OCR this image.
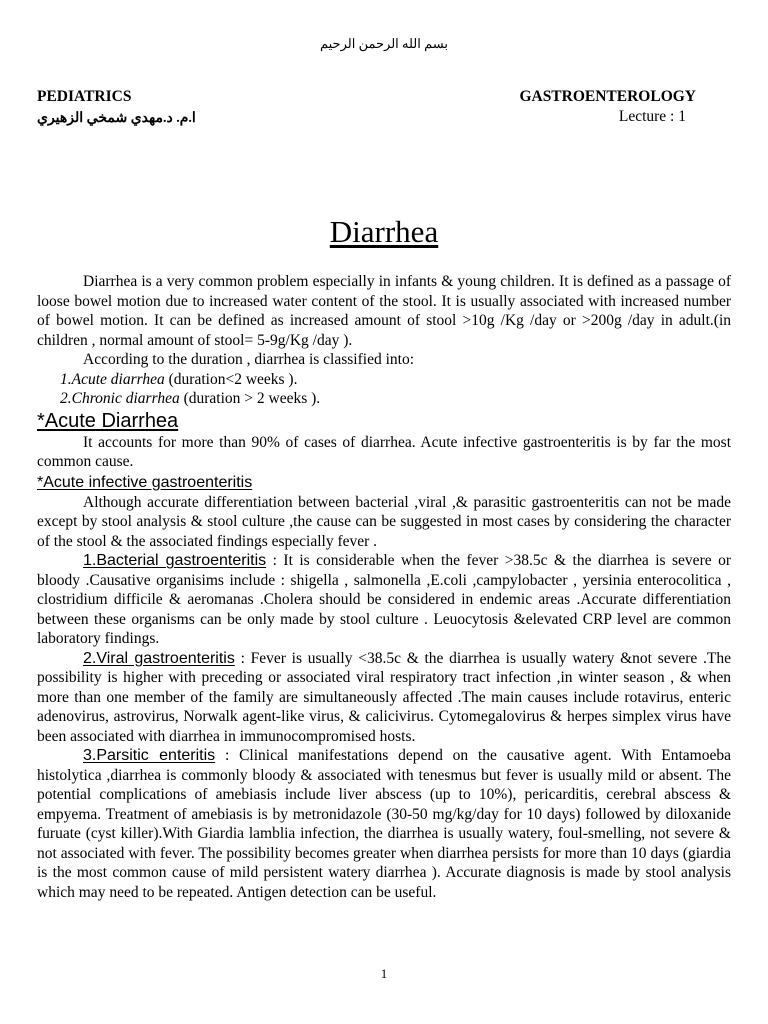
بسم الله الرحمن الرحيم
PEDIATRICS	GASTROENTEROLOGY
ا.م. د.مهدي شمخي الزهيري	Lecture : 1
Diarrhea

Diarrhea is a very common problem especially in infants & young children. It is defined as a passage of loose bowel motion due to increased water content of the stool. It is usually associated with increased number of bowel motion. It can be defined as increased amount of stool >10g /Kg /day or >200g /day in adult.(in children , normal amount of stool= 5-9g/Kg /day ).

According to the duration , diarrhea is classified into:

1.Acute diarrhea (duration<2 weeks ).

2.Chronic diarrhea (duration > 2 weeks ).

*Acute Diarrhea

It accounts for more than 90% of cases of diarrhea. Acute infective gastroenteritis is by far the most common cause.

*Acute infective gastroenteritis

Although accurate differentiation between bacterial ,viral ,& parasitic gastroenteritis can not be made except by stool analysis & stool culture ,the cause can be suggested in most cases by considering the character of the stool & the associated findings especially fever .

1.Bacterial gastroenteritis : It is considerable when the fever >38.5c & the diarrhea is severe or bloody .Causative organisims include : shigella , salmonella ,E.coli ,campylobacter , yersinia enterocolitica , clostridium difficile & aeromanas .Cholera should be considered in endemic areas .Accurate differentiation between these organisms can be only made by stool culture . Leuocytosis &elevated CRP level are common laboratory findings.

2.Viral gastroenteritis : Fever is usually <38.5c & the diarrhea is usually watery &not severe .The possibility is higher with preceding or associated viral respiratory tract infection ,in winter season , & when more than one member of the family are simultaneously affected .The main causes include rotavirus, enteric adenovirus, astrovirus, Norwalk agent-like virus, & calicivirus. Cytomegalovirus & herpes simplex virus have been associated with diarrhea in immunocompromised hosts.

3.Parsitic enteritis : Clinical manifestations depend on the causative agent. With Entamoeba histolytica ,diarrhea is commonly bloody & associated with tenesmus but fever is usually mild or absent. The potential complications of amebiasis include liver abscess (up to 10%), pericarditis, cerebral abscess & empyema. Treatment of amebiasis is by metronidazole (30-50 mg/kg/day for 10 days) followed by diloxanide furuate (cyst killer).With Giardia lamblia infection, the diarrhea is usually watery, foul-smelling, not severe & not associated with fever. The possibility becomes greater when diarrhea persists for more than 10 days (giardia is the most common cause of mild persistent watery diarrhea ). Accurate diagnosis is made by stool analysis which may need to be repeated. Antigen detection can be useful.

1
